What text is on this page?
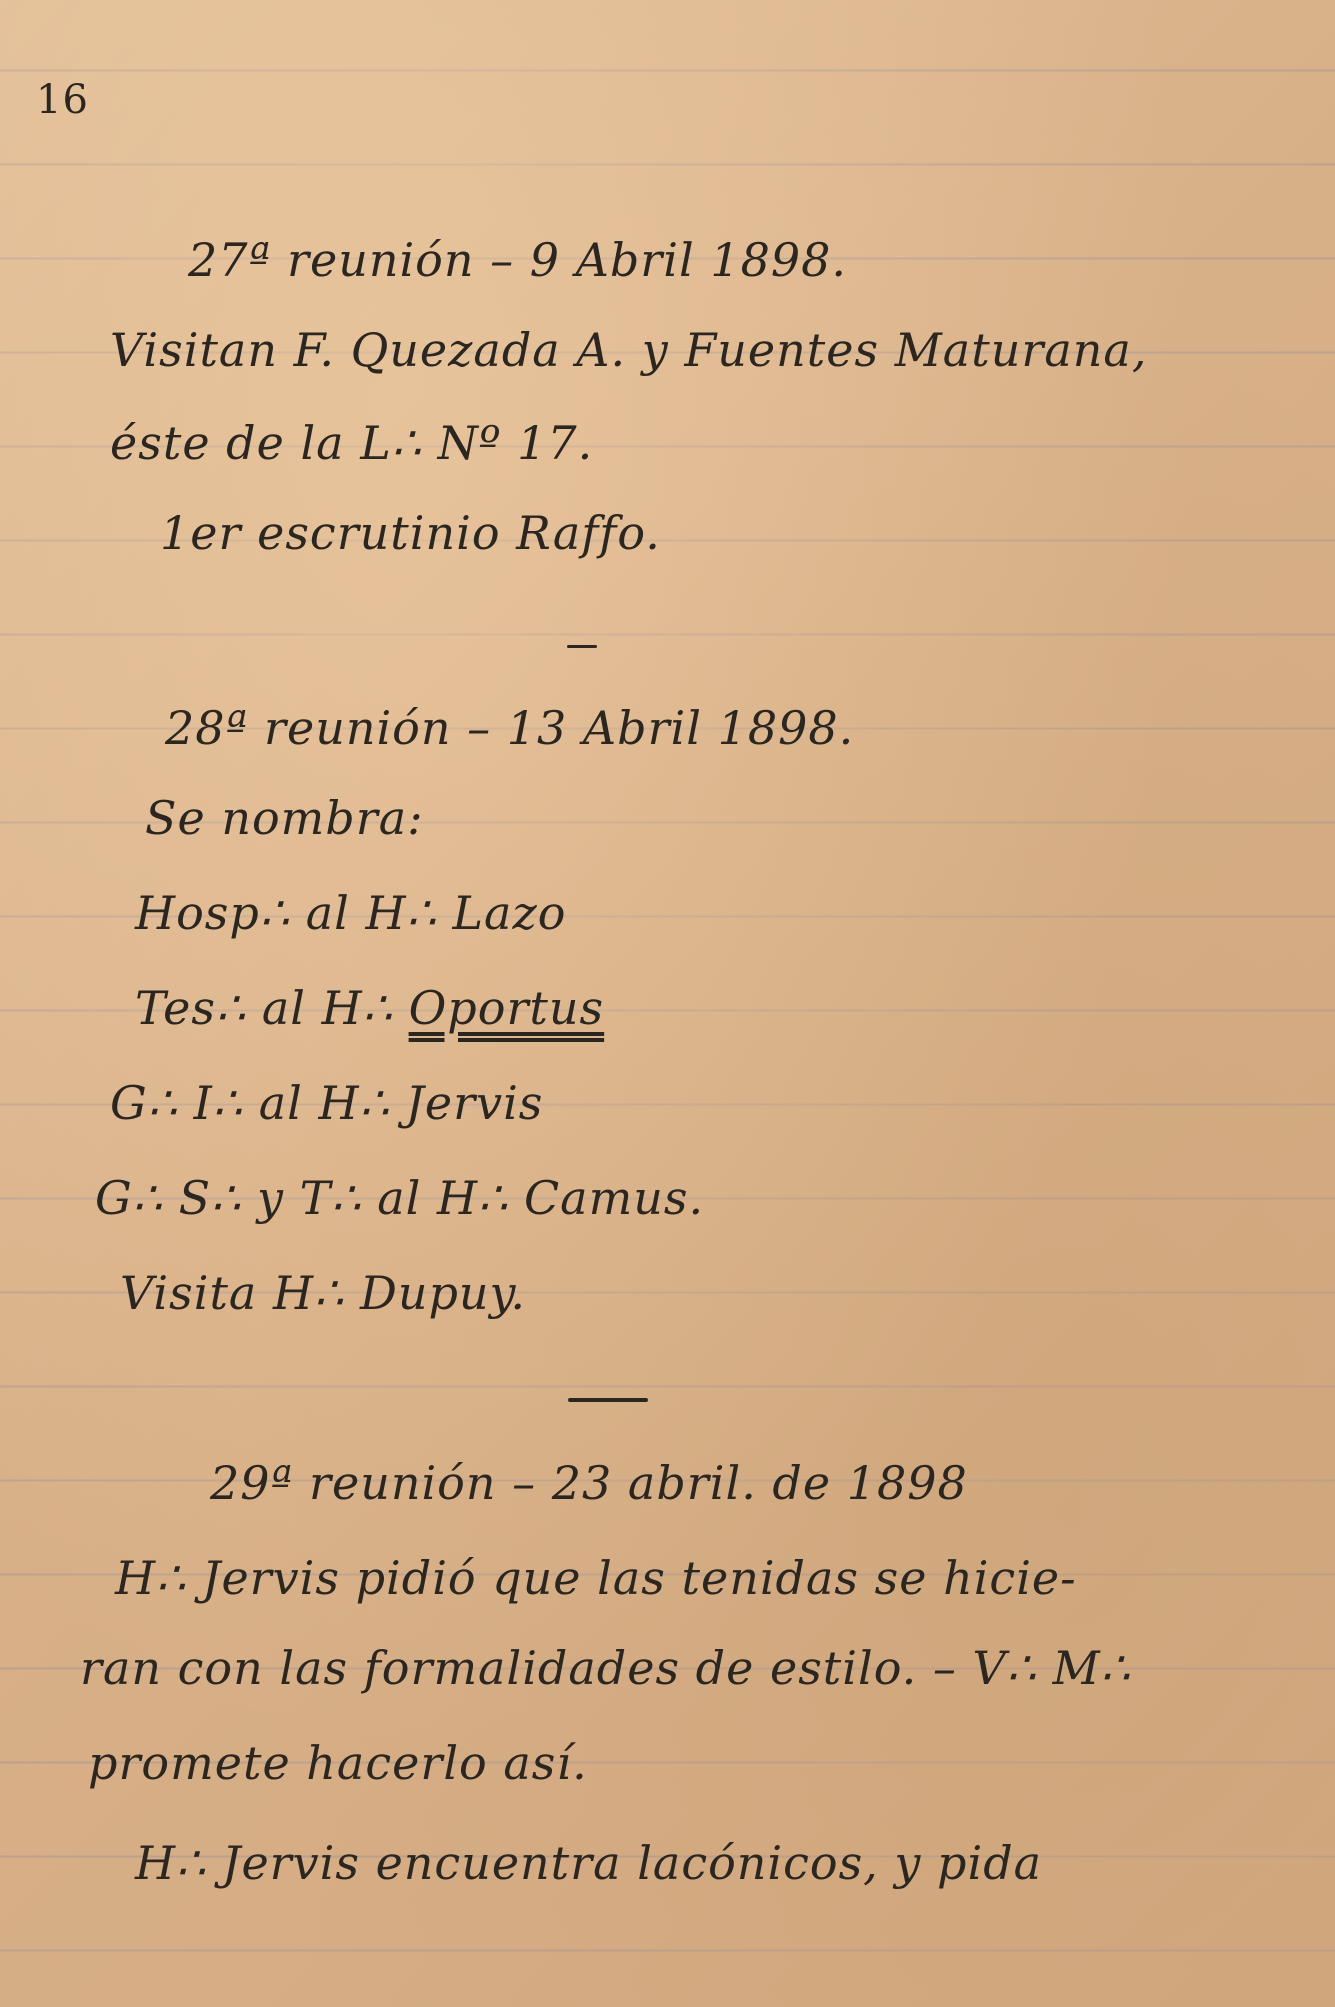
16
27ª reunión – 9 Abril 1898.
Visitan F. Quezada A. y Fuentes Maturana,
éste de la L∴ Nº 17.
1er escrutinio Raffo.
28ª reunión – 13 Abril 1898.
Se nombra:
Hosp∴ al H∴ Lazo
Tes∴ al H∴ Oportus
G∴ I∴ al H∴ Jervis
G∴ S∴ y T∴ al H∴ Camus.
Visita H∴ Dupuy.
29ª reunión – 23 abril. de 1898
H∴ Jervis pidió que las tenidas se hicie-
ran con las formalidades de estilo. – V∴ M∴
promete hacerlo así.
H∴ Jervis encuentra lacónicos, y pida
